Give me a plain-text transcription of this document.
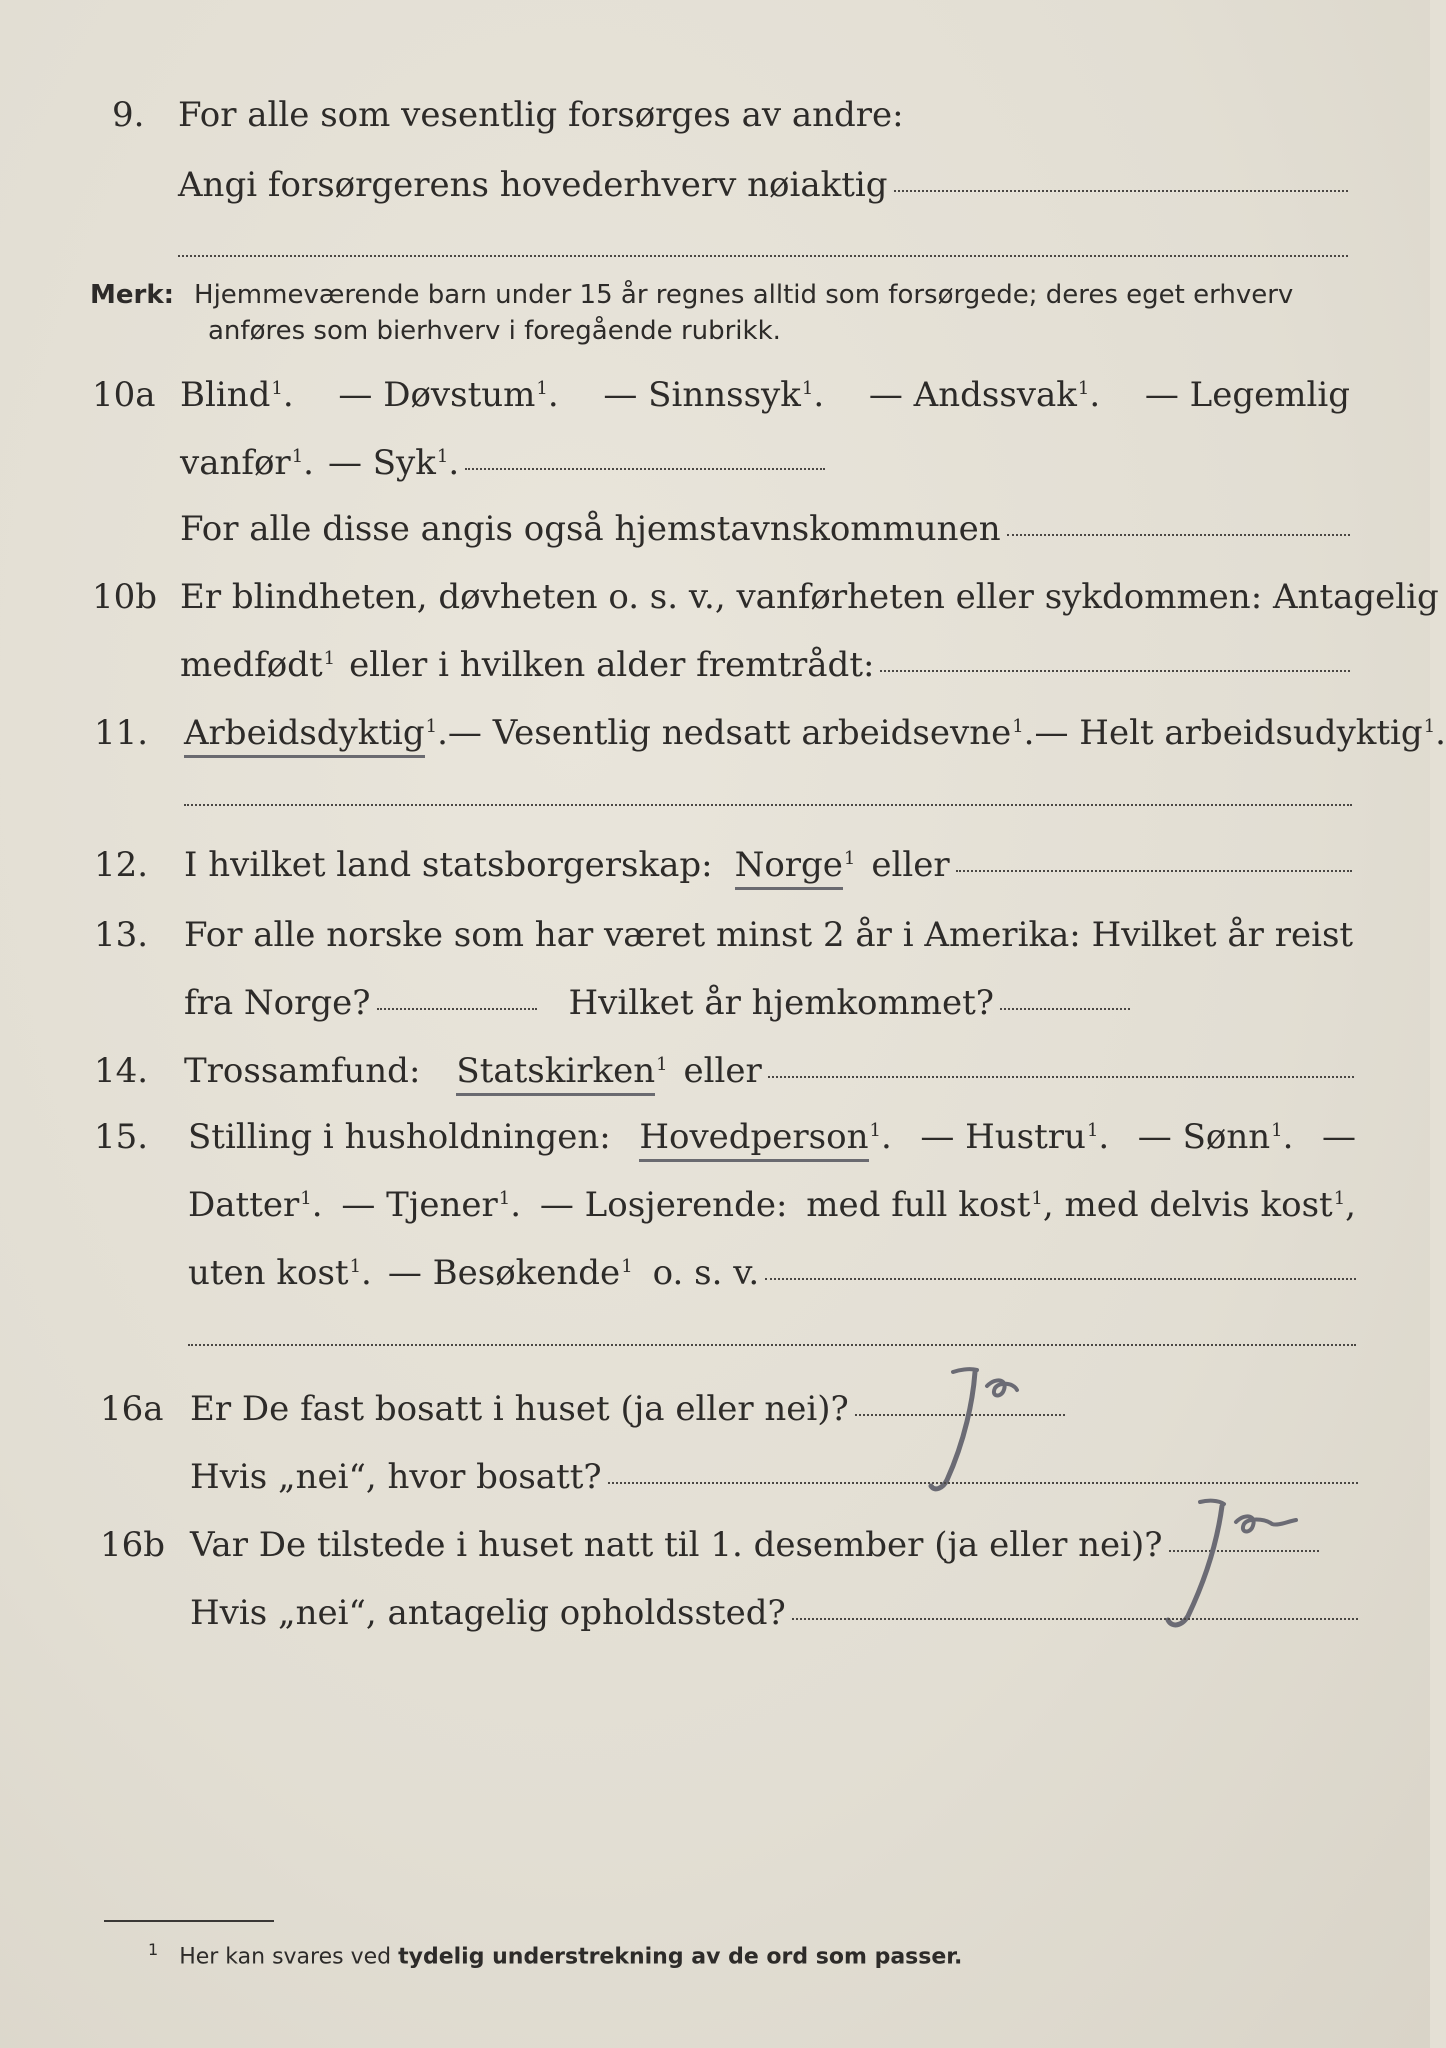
9. For alle som vesentlig forsørges av andre:
Angi forsørgerens hovederhverv nøiaktig
Merk: Hjemmeværende barn under 15 år regnes alltid som forsørgede; deres eget erhverv
anføres som bierhverv i foregående rubrikk.
10a Blind$^1$. — Døvstum$^1$. — Sinnssyk$^1$. — Andssvak$^1$. — Legemlig
vanfør$^1$. — Syk$^1$.
For alle disse angis også hjemstavnskommunen
10b Er blindheten, døvheten o. s. v., vanførheten eller sykdommen: Antagelig
medfødt$^1$ eller i hvilken alder fremtrådt:
11. Arbeidsdyktig$^1$. — Vesentlig nedsatt arbeidsevne$^1$. — Helt arbeidsudyktig$^1$.
12. I hvilket land statsborgerskap: Norge$^1$ eller
13. For alle norske som har været minst 2 år i Amerika: Hvilket år reist
fra Norge?	Hvilket år hjemkommet?
14. Trossamfund: Statskirken$^1$ eller
15. Stilling i husholdningen: Hovedperson$^1$. — Hustru$^1$. — Sønn$^1$. —
Datter$^1$. — Tjener$^1$. — Losjerende: med full kost$^1$, med delvis kost$^1$,
uten kost$^1$. — Besøkende$^1$ o. s. v.
16a Er De fast bosatt i huset (ja eller nei)?
Hvis „nei“, hvor bosatt?
16b Var De tilstede i huset natt til 1. desember (ja eller nei)?
Hvis „nei“, antagelig opholdssted?
$^1$ Her kan svares ved tydelig understrekning av de ord som passer.
